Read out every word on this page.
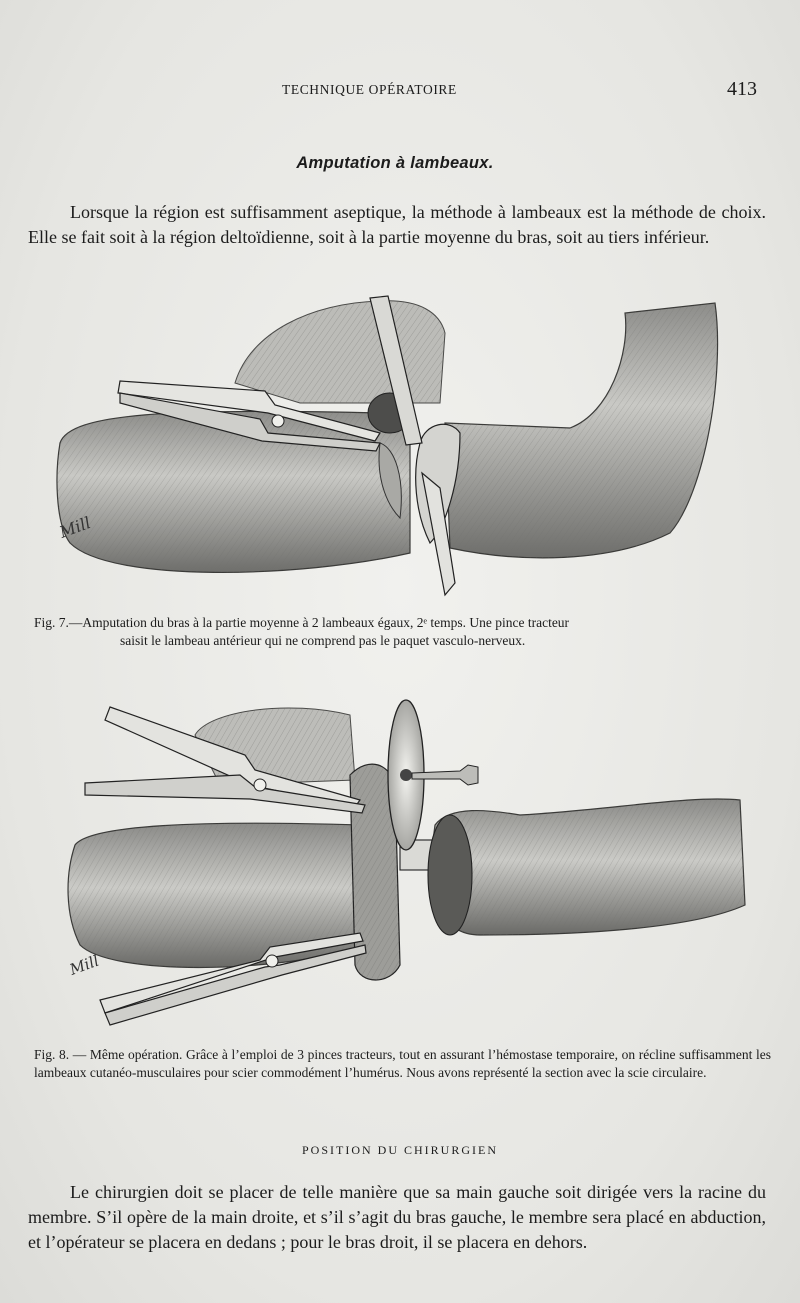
TECHNIQUE OPÉRATOIRE	413
Amputation à lambeaux.

Lorsque la région est suffisamment aseptique, la méthode à lambeaux est la méthode de choix. Elle se fait soit à la région deltoïdienne, soit à la partie moyenne du bras, soit au tiers inférieur.

Mill

Fig. 7.—Amputation du bras à la partie moyenne à 2 lambeaux égaux, 2ᵉ temps. Une pince tracteur
saisit le lambeau antérieur qui ne comprend pas le paquet vasculo-nerveux.

Mill

Fig. 8. — Même opération. Grâce à l’emploi de 3 pinces tracteurs, tout en assurant l’hémostase temporaire, on récline suffisamment les lambeaux cutanéo-musculaires pour scier commodément l’humérus. Nous avons représenté la section avec la scie circulaire.

POSITION DU CHIRURGIEN

Le chirurgien doit se placer de telle manière que sa main gauche soit dirigée vers la racine du membre. S’il opère de la main droite, et s’il s’agit du bras gauche, le membre sera placé en abduction, et l’opérateur se placera en dedans ; pour le bras droit, il se placera en dehors.
